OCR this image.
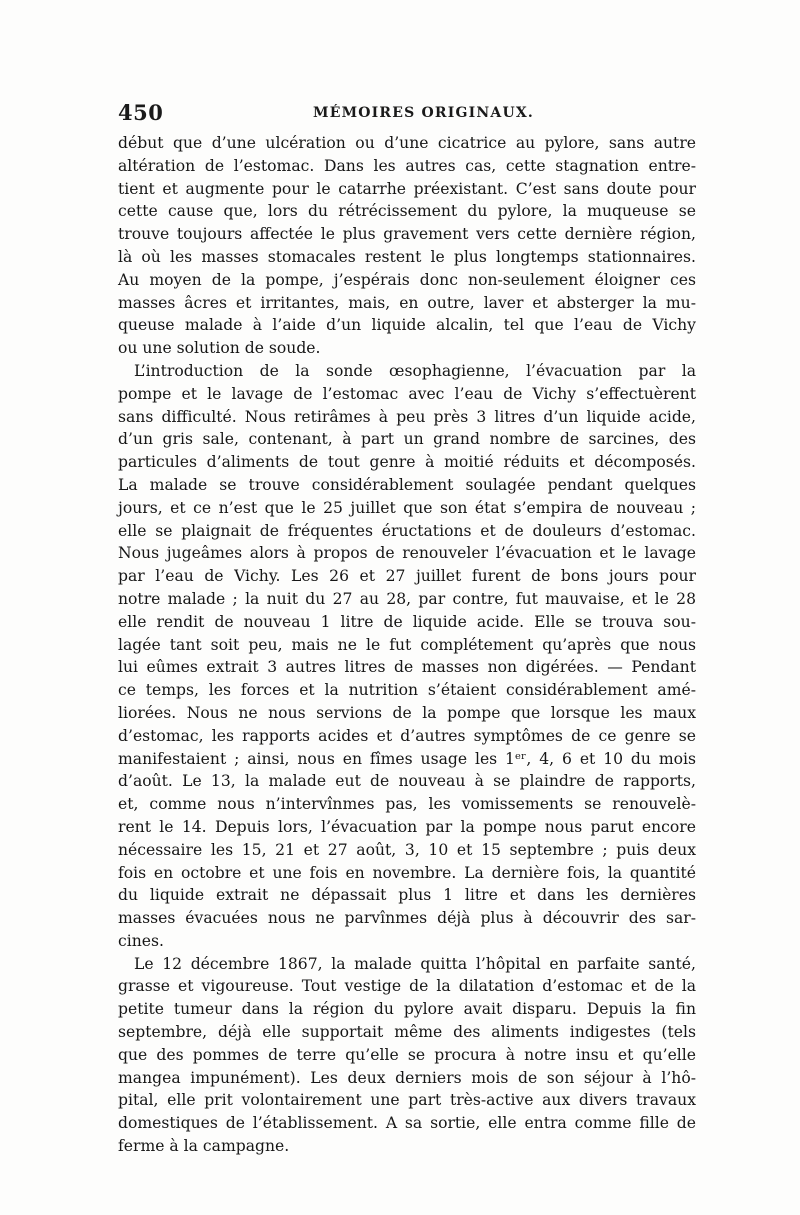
450	MÉMOIRES ORIGINAUX.
début que d’une ulcération ou d’une cicatrice au pylore, sans autre
altération de l’estomac. Dans les autres cas, cette stagnation entre-
tient et augmente pour le catarrhe préexistant. C’est sans doute pour
cette cause que, lors du rétrécissement du pylore, la muqueuse se
trouve toujours affectée le plus gravement vers cette dernière région,
là où les masses stomacales restent le plus longtemps stationnaires.
Au moyen de la pompe, j’espérais donc non-seulement éloigner ces
masses âcres et irritantes, mais, en outre, laver et absterger la mu-
queuse malade à l’aide d’un liquide alcalin, tel que l’eau de Vichy
ou une solution de soude.
L’introduction de la sonde œsophagienne, l’évacuation par la
pompe et le lavage de l’estomac avec l’eau de Vichy s’effectuèrent
sans difficulté. Nous retirâmes à peu près 3 litres d’un liquide acide,
d’un gris sale, contenant, à part un grand nombre de sarcines, des
particules d’aliments de tout genre à moitié réduits et décomposés.
La malade se trouve considérablement soulagée pendant quelques
jours, et ce n’est que le 25 juillet que son état s’empira de nouveau ;
elle se plaignait de fréquentes éructations et de douleurs d’estomac.
Nous jugeâmes alors à propos de renouveler l’évacuation et le lavage
par l’eau de Vichy. Les 26 et 27 juillet furent de bons jours pour
notre malade ; la nuit du 27 au 28, par contre, fut mauvaise, et le 28
elle rendit de nouveau 1 litre de liquide acide. Elle se trouva sou-
lagée tant soit peu, mais ne le fut complétement qu’après que nous
lui eûmes extrait 3 autres litres de masses non digérées. — Pendant
ce temps, les forces et la nutrition s’étaient considérablement amé-
liorées. Nous ne nous servions de la pompe que lorsque les maux
d’estomac, les rapports acides et d’autres symptômes de ce genre se
manifestaient ; ainsi, nous en fîmes usage les 1ᵉʳ, 4, 6 et 10 du mois
d’août. Le 13, la malade eut de nouveau à se plaindre de rapports,
et, comme nous n’intervînmes pas, les vomissements se renouvelè-
rent le 14. Depuis lors, l’évacuation par la pompe nous parut encore
nécessaire les 15, 21 et 27 août, 3, 10 et 15 septembre ; puis deux
fois en octobre et une fois en novembre. La dernière fois, la quantité
du liquide extrait ne dépassait plus 1 litre et dans les dernières
masses évacuées nous ne parvînmes déjà plus à découvrir des sar-
cines.
Le 12 décembre 1867, la malade quitta l’hôpital en parfaite santé,
grasse et vigoureuse. Tout vestige de la dilatation d’estomac et de la
petite tumeur dans la région du pylore avait disparu. Depuis la fin
septembre, déjà elle supportait même des aliments indigestes (tels
que des pommes de terre qu’elle se procura à notre insu et qu’elle
mangea impunément). Les deux derniers mois de son séjour à l’hô-
pital, elle prit volontairement une part très-active aux divers travaux
domestiques de l’établissement. A sa sortie, elle entra comme fille de
ferme à la campagne.
